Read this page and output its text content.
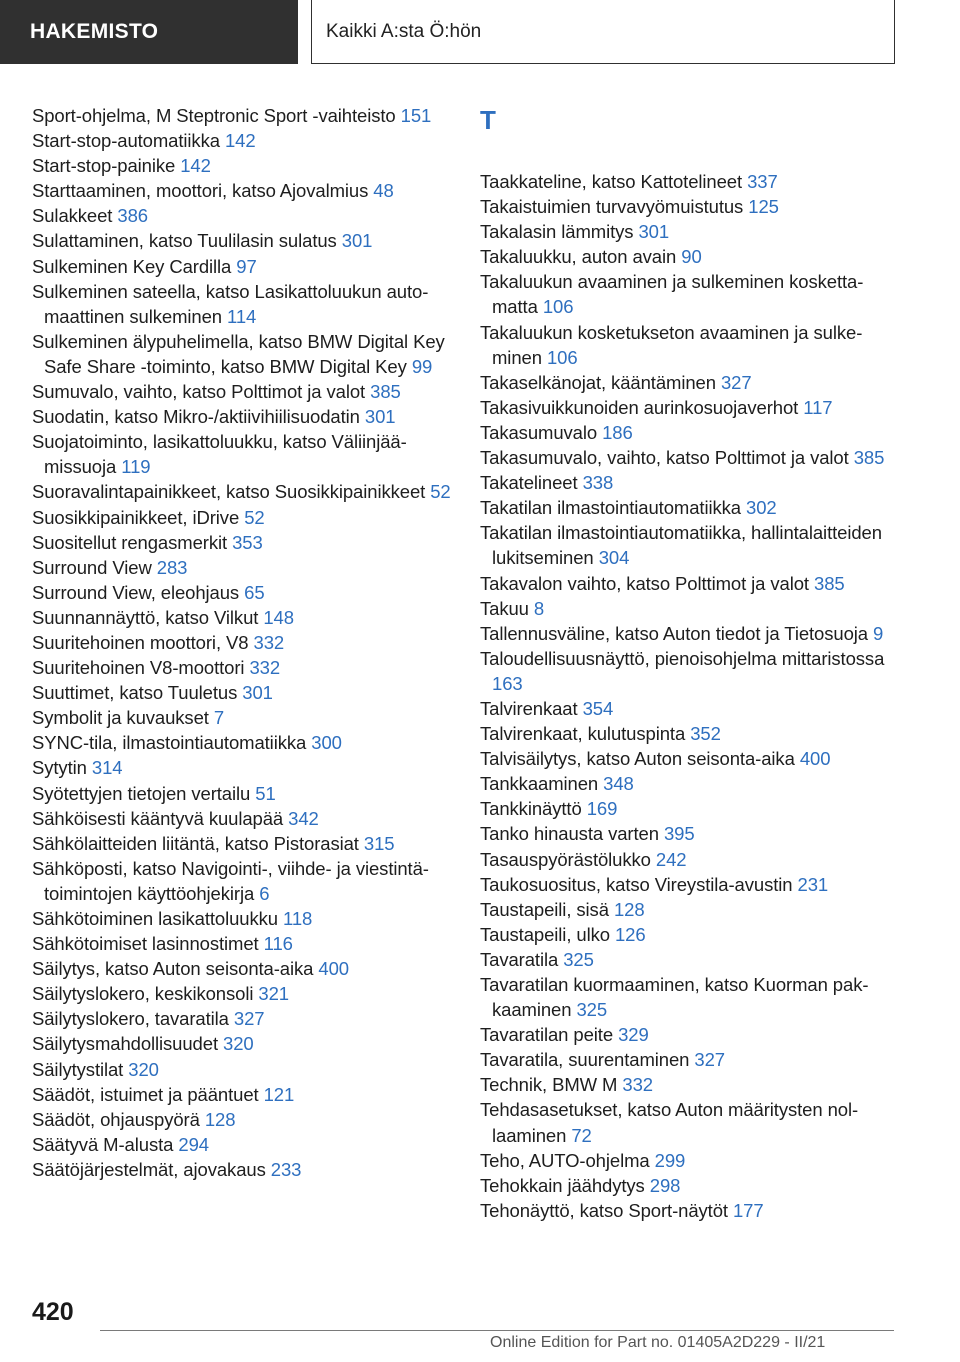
HAKEMISTO	Kaikki A:sta Ö:hön
Sport-ohjelma, M Steptronic Sport -vaihteisto 151
Start-stop-automatiikka 142
Start-stop-painike 142
Starttaaminen, moottori, katso Ajovalmius 48
Sulakkeet 386
Sulattaminen, katso Tuulilasin sulatus 301
Sulkeminen Key Cardilla 97
Sulkeminen sateella, katso Lasikattoluukun automaattinen sulkeminen 114
Sulkeminen älypuhelimella, katso BMW Digital Key Safe Share -toiminto, katso BMW Digital Key 99
Sumuvalo, vaihto, katso Polttimot ja valot 385
Suodatin, katso Mikro-/aktiivihiilisuodatin 301
Suojatoiminto, lasikattoluukku, katso Väliinjäämissuoja 119
Suoravalintapainikkeet, katso Suosikkipainikkeet 52
Suosikkipainikkeet, iDrive 52
Suositellut rengasmerkit 353
Surround View 283
Surround View, eleohjaus 65
Suunnannäyttö, katso Vilkut 148
Suuritehoinen moottori, V8 332
Suuritehoinen V8-moottori 332
Suuttimet, katso Tuuletus 301
Symbolit ja kuvaukset 7
SYNC-tila, ilmastointiautomatiikka 300
Sytytin 314
Syötettyjen tietojen vertailu 51
Sähköisesti kääntyvä kuulapää 342
Sähkölaitteiden liitäntä, katso Pistorasiat 315
Sähköposti, katso Navigointi-, viihde- ja viestintätoimintojen käyttöohjekirja 6
Sähkötoiminen lasikattoluukku 118
Sähkötoimiset lasinnostimet 116
Säilytys, katso Auton seisonta-aika 400
Säilytyslokero, keskikonsoli 321
Säilytyslokero, tavaratila 327
Säilytysmahdollisuudet 320
Säilytystilat 320
Säädöt, istuimet ja pääntuet 121
Säädöt, ohjauspyörä 128
Säätyvä M-alusta 294
Säätöjärjestelmät, ajovakaus 233
T
Taakkateline, katso Kattotelineet 337
Takaistuimien turvavyömuistutus 125
Takalasin lämmitys 301
Takaluukku, auton avain 90
Takaluukun avaaminen ja sulkeminen koskettamatta 106
Takaluukun kosketukseton avaaminen ja sulkeminen 106
Takaselkänojat, kääntäminen 327
Takasivuikkunoiden aurinkosuojaverhot 117
Takasumuvalo 186
Takasumuvalo, vaihto, katso Polttimot ja valot 385
Takatelineet 338
Takatilan ilmastointiautomatiikka 302
Takatilan ilmastointiautomatiikka, hallintalaitteiden lukitseminen 304
Takavalon vaihto, katso Polttimot ja valot 385
Takuu 8
Tallennusväline, katso Auton tiedot ja Tietosuoja 9
Taloudellisuusnäyttö, pienoisohjelma mittaristossa 163
Talvirenkaat 354
Talvirenkaat, kulutuspinta 352
Talvisäilytys, katso Auton seisonta-aika 400
Tankkaaminen 348
Tankkinäyttö 169
Tanko hinausta varten 395
Tasauspyörästölukko 242
Taukosuositus, katso Vireystila-avustin 231
Taustapeili, sisä 128
Taustapeili, ulko 126
Tavaratila 325
Tavaratilan kuormaaminen, katso Kuorman pakkaaminen 325
Tavaratilan peite 329
Tavaratila, suurentaminen 327
Technik, BMW M 332
Tehdasasetukset, katso Auton määritysten nollaaminen 72
Teho, AUTO-ohjelma 299
Tehokkain jäähdytys 298
Tehonäyttö, katso Sport-näytöt 177
420
Online Edition for Part no. 01405A2D229 - II/21
